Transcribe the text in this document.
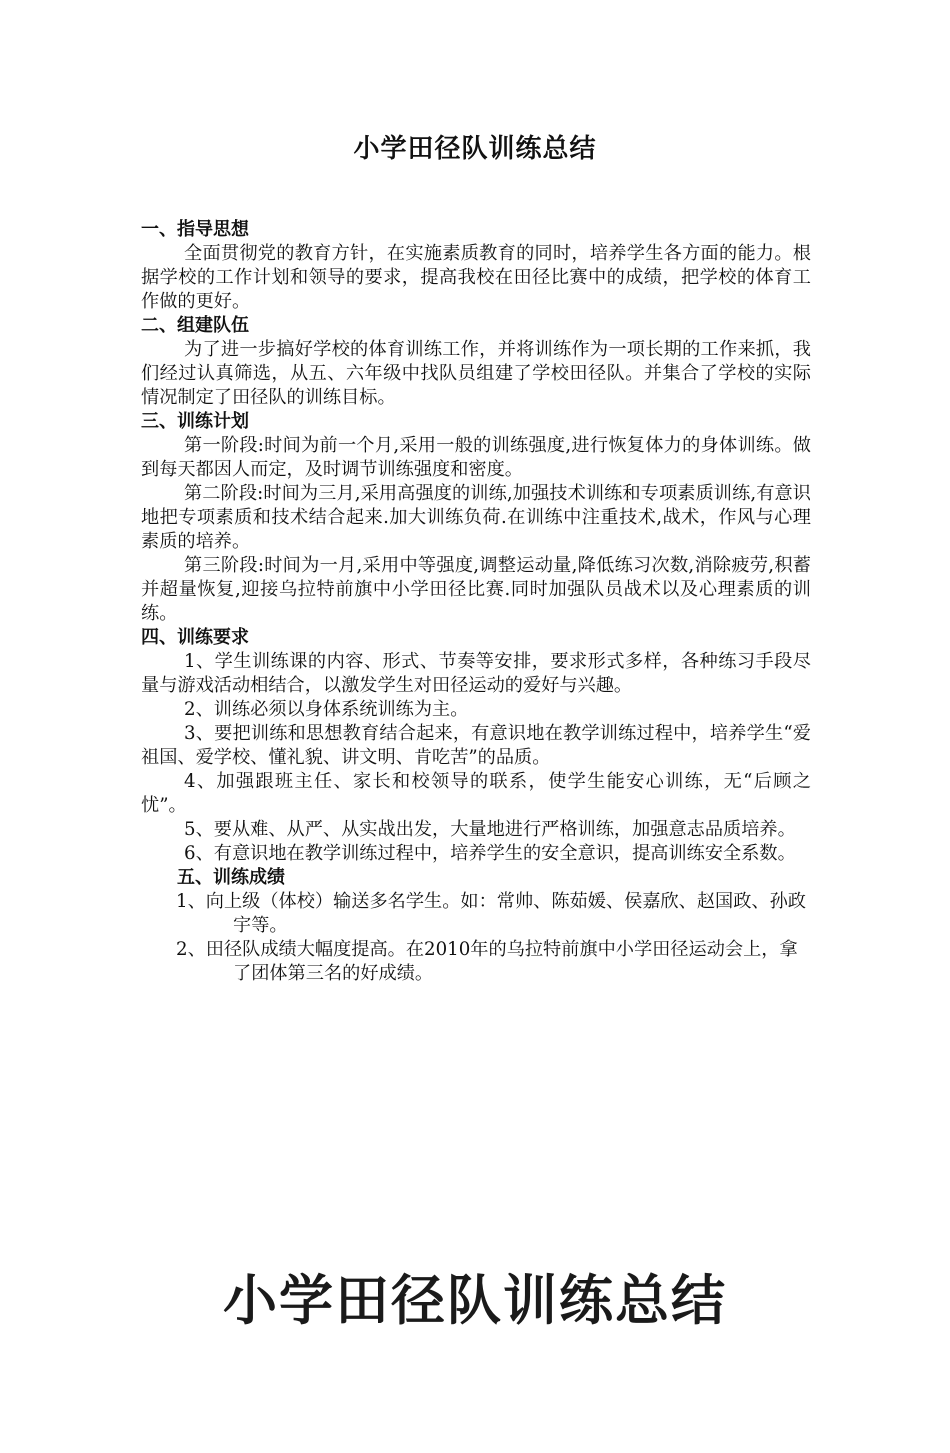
小学田径队训练总结
一、指导思想

全面贯彻党的教育方针，在实施素质教育的同时，培养学生各方面的能力。根据学校的工作计划和领导的要求，提高我校在田径比赛中的成绩，把学校的体育工作做的更好。

二、组建队伍

为了进一步搞好学校的体育训练工作，并将训练作为一项长期的工作来抓，我们经过认真筛选，从五、六年级中找队员组建了学校田径队。并集合了学校的实际情况制定了田径队的训练目标。

三、训练计划

第一阶段:时间为前一个月,采用一般的训练强度,进行恢复体力的身体训练。做到每天都因人而定，及时调节训练强度和密度。

第二阶段:时间为三月,采用高强度的训练,加强技术训练和专项素质训练,有意识地把专项素质和技术结合起来.加大训练负荷.在训练中注重技术,战术，作风与心理素质的培养。

第三阶段:时间为一月,采用中等强度,调整运动量,降低练习次数,消除疲劳,积蓄并超量恢复,迎接乌拉特前旗中小学田径比赛.同时加强队员战术以及心理素质的训练。

四、训练要求

1、学生训练课的内容、形式、节奏等安排，要求形式多样，各种练习手段尽量与游戏活动相结合，以激发学生对田径运动的爱好与兴趣。

2、训练必须以身体系统训练为主。

3、要把训练和思想教育结合起来，有意识地在教学训练过程中，培养学生“爱祖国、爱学校、懂礼貌、讲文明、肯吃苦”的品质。

4、加强跟班主任、家长和校领导的联系，使学生能安心训练，无“后顾之忧”。

5、要从难、从严、从实战出发，大量地进行严格训练，加强意志品质培养。

6、有意识地在教学训练过程中，培养学生的安全意识，提高训练安全系数。

五、训练成绩

1、向上级（体校）输送多名学生。如：常帅、陈茹媛、侯嘉欣、赵国政、孙政宇等。

2、田径队成绩大幅度提高。在2010年的乌拉特前旗中小学田径运动会上，拿了团体第三名的好成绩。

小学田径队训练总结
